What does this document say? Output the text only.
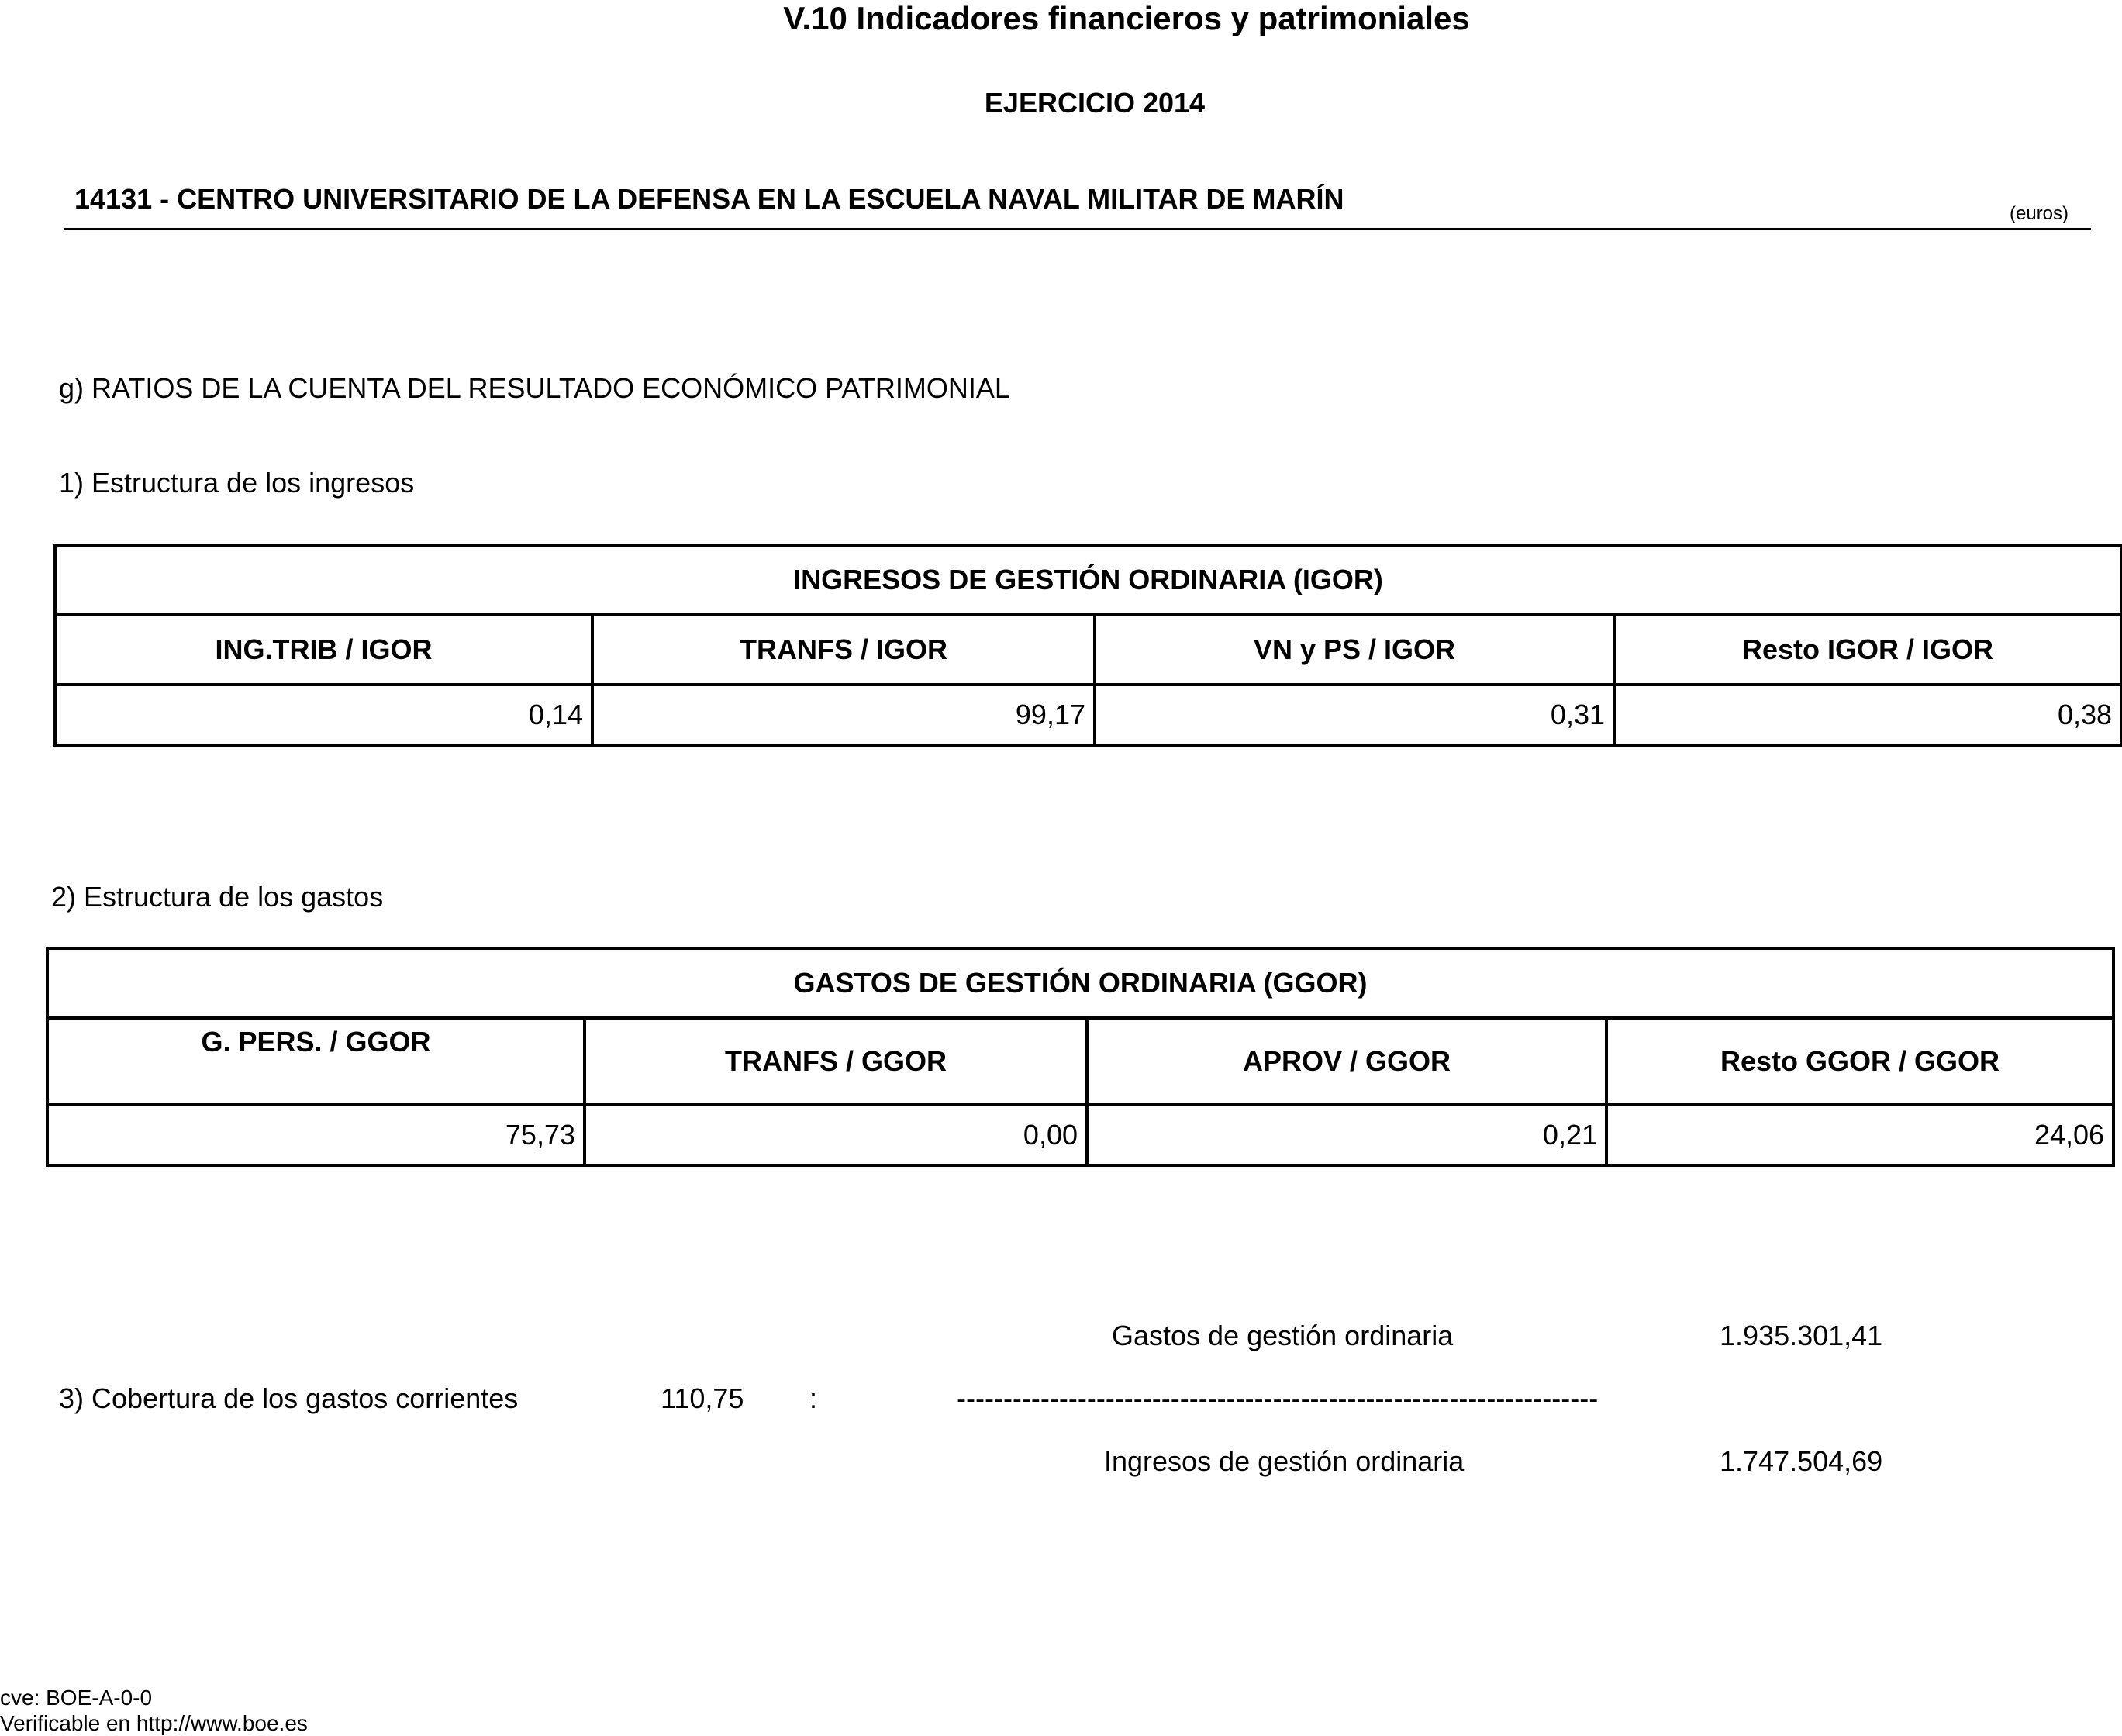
V.10 Indicadores financieros y patrimoniales
EJERCICIO 2014
14131 - CENTRO UNIVERSITARIO DE LA DEFENSA EN LA ESCUELA NAVAL MILITAR DE MARÍN	(euros)
g) RATIOS DE LA CUENTA DEL RESULTADO ECONÓMICO PATRIMONIAL
1) Estructura de los ingresos
INGRESOS DE GESTIÓN ORDINARIA (IGOR)			
ING.TRIB / IGOR	TRANFS / IGOR	VN y PS / IGOR	Resto IGOR / IGOR
0,14	99,17	0,31	0,38
2) Estructura de los gastos
GASTOS DE GESTIÓN ORDINARIA (GGOR)			
G. PERS. / GGOR	TRANFS / GGOR	APROV / GGOR	Resto GGOR / GGOR
75,73	0,00	0,21	24,06
Gastos de gestión ordinaria	1.935.301,41
3) Cobertura de los gastos corrientes	110,75 :	---------------------------------------------------------------------
Ingresos de gestión ordinaria	1.747.504,69
cve: BOE-A-0-0
Verificable en http://www.boe.es
